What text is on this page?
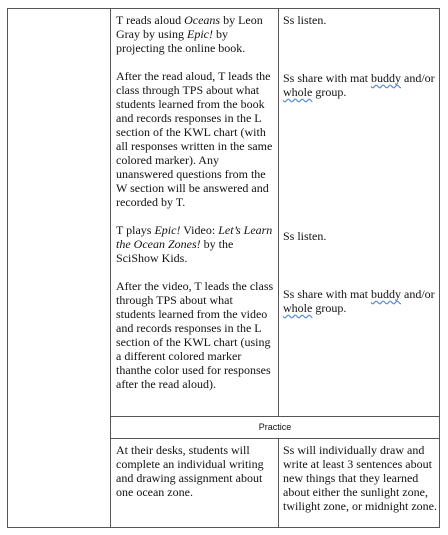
T reads aloud Oceans by Leon Gray by using Epic! by projecting the online book.

After the read aloud, T leads the class through TPS about what students learned from the book and records responses in the L section of the KWL chart (with all responses written in the same colored marker). Any unanswered questions from the W section will be answered and recorded by T.

T plays Epic! Video: Let’s Learn the Ocean Zones! by the SciShow Kids.

After the video, T leads the class through TPS about what students learned from the video and records responses in the L section of the KWL chart (using a different colored marker thanthe color used for responses after the read aloud).

Ss listen.
Ss share with mat buddy and/or whole group.
Ss listen.
Ss share with mat buddy and/or whole group.
Practice
At their desks, students will complete an individual writing and drawing assignment about one ocean zone.
Ss will individually draw and write at least 3 sentences about new things that they learned about either the sunlight zone, twilight zone, or midnight zone.
